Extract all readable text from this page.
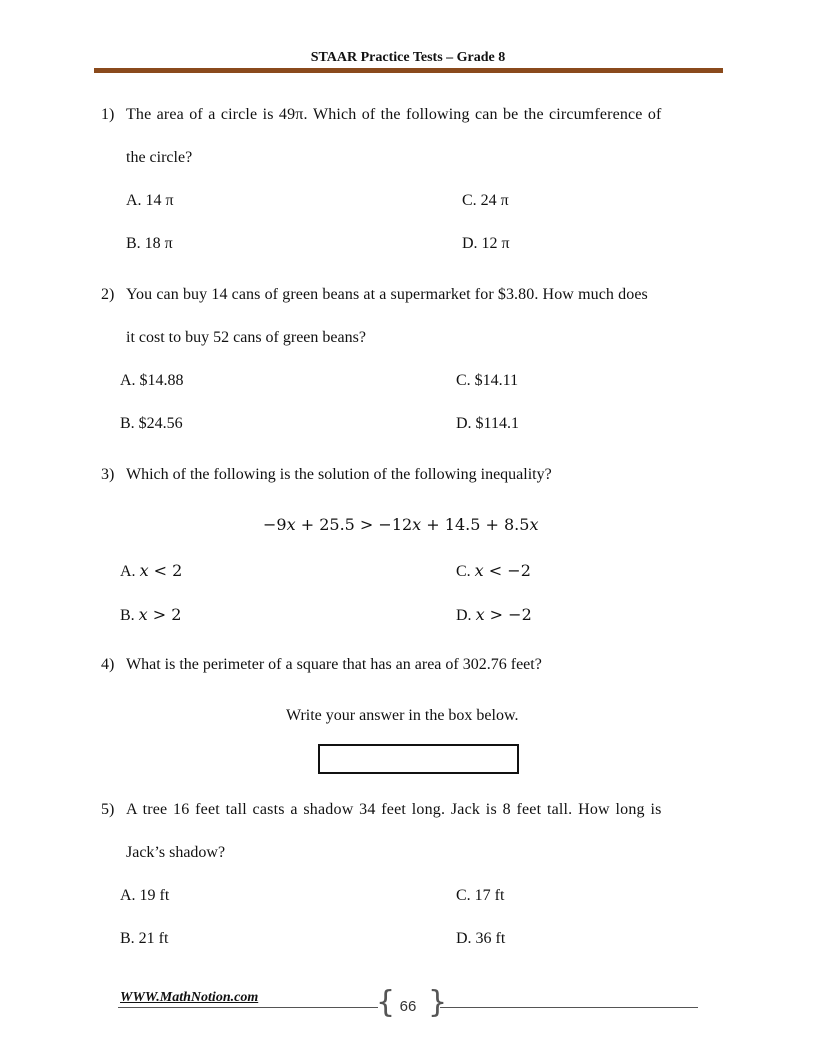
STAAR Practice Tests – Grade 8
1) The area of a circle is 49π. Which of the following can be the circumference of
the circle?
A. 14 π
B. 18 π
C. 24 π
D. 12 π
2) You can buy 14 cans of green beans at a supermarket for $3.80. How much does
it cost to buy 52 cans of green beans?
A. $14.88
B. $24.56
C. $14.11
D. $114.1
3) Which of the following is the solution of the following inequality?
−9x + 25.5 > −12x + 14.5 + 8.5x
A. x < 2
B. x > 2
C. x < −2
D. x > −2
4) What is the perimeter of a square that has an area of 302.76 feet?
Write your answer in the box below.
5) A tree 16 feet tall casts a shadow 34 feet long. Jack is 8 feet tall. How long is
Jack’s shadow?
A. 19 ft
B. 21 ft
C. 17 ft
D. 36 ft
WWW.MathNotion.com	{ }
66
